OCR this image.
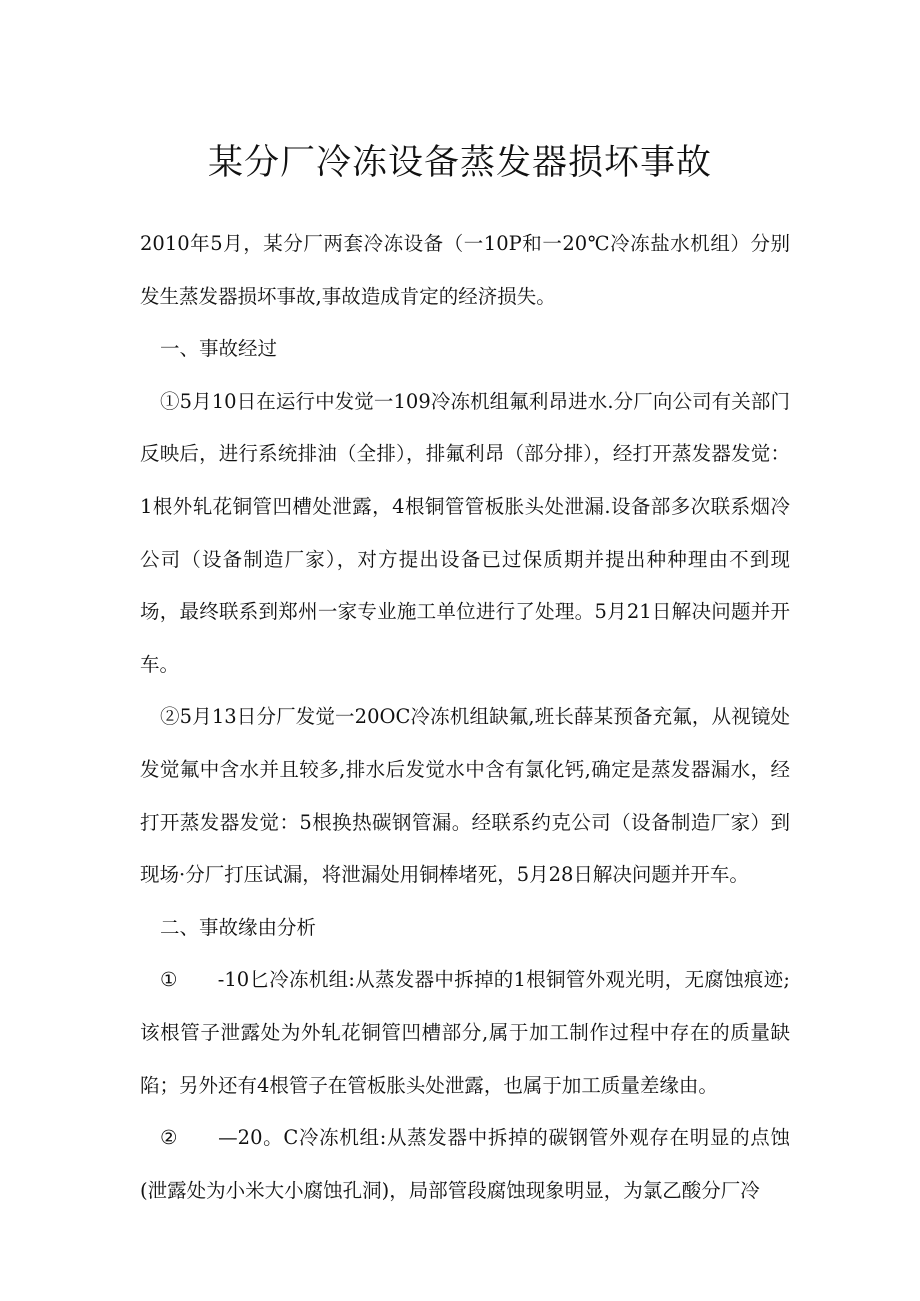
某分厂冷冻设备蒸发器损坏事故

2010年5月，某分厂两套冷冻设备（一10P和一20℃冷冻盐水机组）分别发生蒸发器损坏事故,事故造成肯定的经济损失。

一、事故经过

①5月10日在运行中发觉一109冷冻机组氟利昂进水.分厂向公司有关部门反映后，进行系统排油（全排），排氟利昂（部分排），经打开蒸发器发觉：1根外轧花铜管凹槽处泄露，4根铜管管板胀头处泄漏.设备部多次联系烟冷公司（设备制造厂家），对方提出设备已过保质期并提出种种理由不到现场，最终联系到郑州一家专业施工单位进行了处理。5月21日解决问题并开车。

②5月13日分厂发觉一20OC冷冻机组缺氟,班长薛某预备充氟，从视镜处发觉氟中含水并且较多,排水后发觉水中含有氯化钙,确定是蒸发器漏水，经打开蒸发器发觉：5根换热碳钢管漏。经联系约克公司（设备制造厂家）到现场·分厂打压试漏，将泄漏处用铜棒堵死，5月28日解决问题并开车。

二、事故缘由分析

① -10匕冷冻机组:从蒸发器中拆掉的1根铜管外观光明，无腐蚀痕迹;该根管子泄露处为外轧花铜管凹槽部分,属于加工制作过程中存在的质量缺陷；另外还有4根管子在管板胀头处泄露，也属于加工质量差缘由。

② —20。C冷冻机组:从蒸发器中拆掉的碳钢管外观存在明显的点蚀(泄露处为小米大小腐蚀孔洞)，局部管段腐蚀现象明显，为氯乙酸分厂冷
